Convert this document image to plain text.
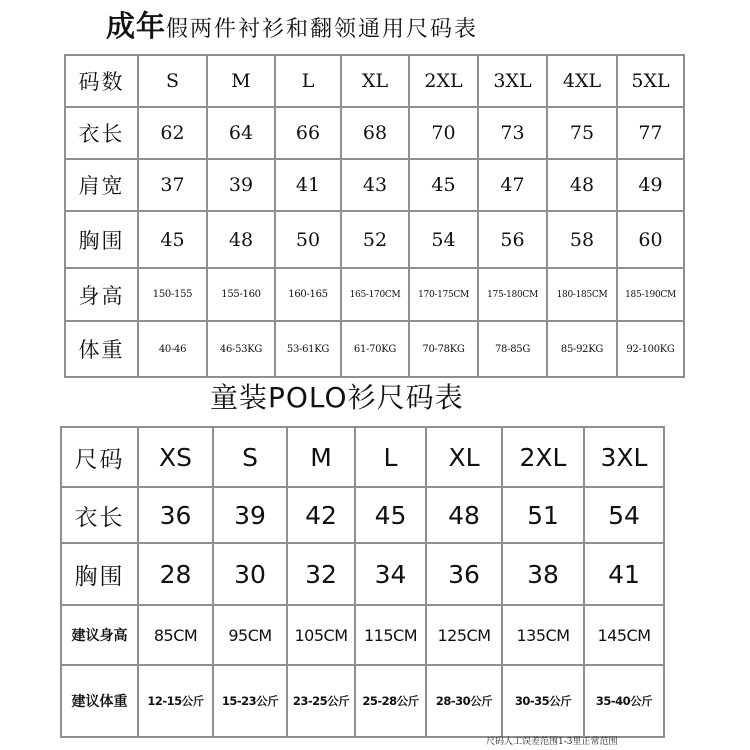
成年假两件衬衫和翻领通用尺码表
码数	S	M	L	XL	2XL	3XL	4XL	5XL
衣长	62	64	66	68	70	73	75	77
肩宽	37	39	41	43	45	47	48	49
胸围	45	48	50	52	54	56	58	60
身高	150-155	155-160	160-165	165-170CM	170-175CM	175-180CM	180-185CM	185-190CM
体重	40-46	46-53KG	53-61KG	61-70KG	70-78KG	78-85G	85-92KG	92-100KG
童装POLO衫尺码表
尺码	XS	S	M	L	XL	2XL	3XL
衣长	36	39	42	45	48	51	54
胸围	28	30	32	34	36	38	41
建议身高	85CM	95CM	105CM	115CM	125CM	135CM	145CM
建议体重	12-15公斤	15-23公斤	23-25公斤	25-28公斤	28-30公斤	30-35公斤	35-40公斤
尺码人工误差范围1-3里正常范围
